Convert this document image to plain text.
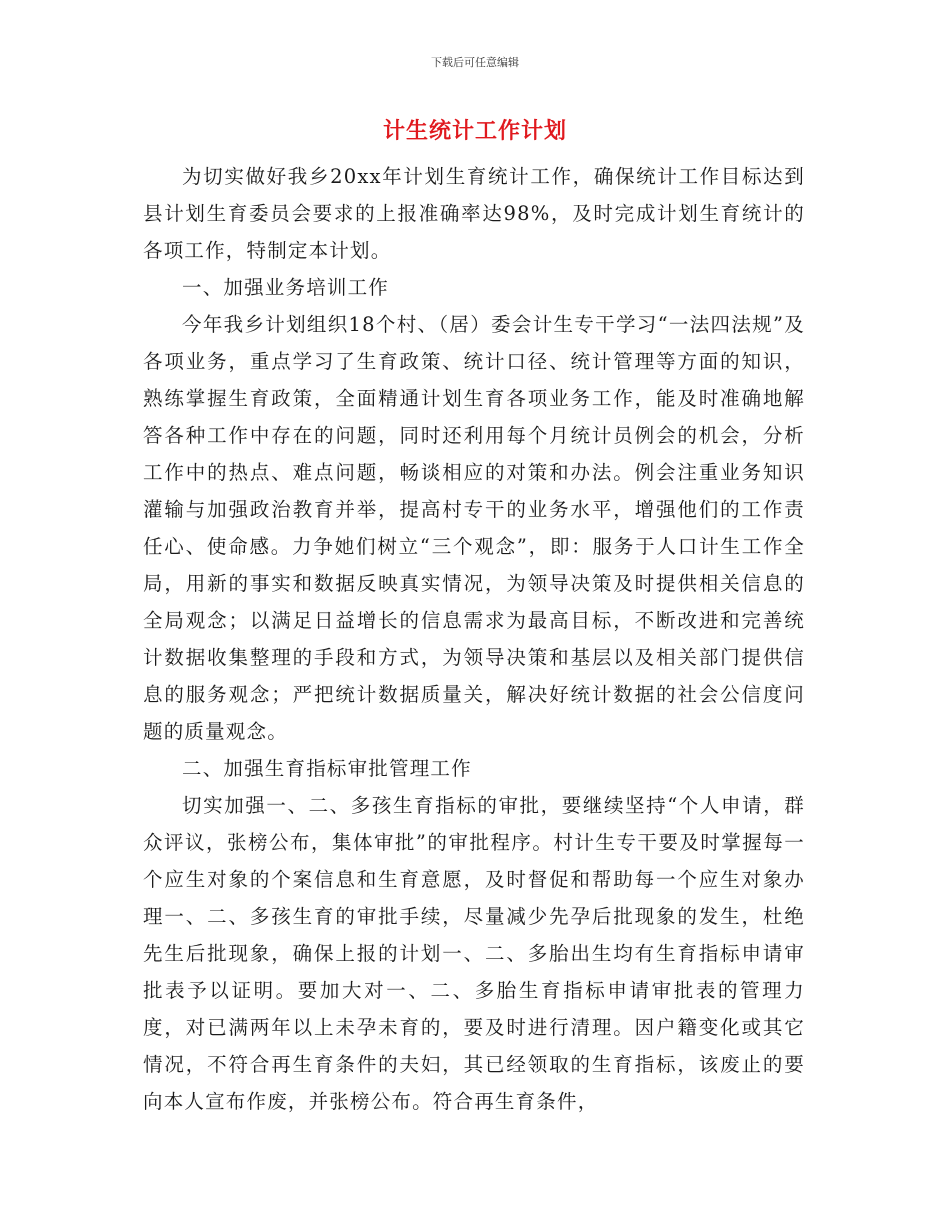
下载后可任意编辑
计生统计工作计划

为切实做好我乡20xx年计划生育统计工作，确保统计工作目标达到县计划生育委员会要求的上报准确率达98%，及时完成计划生育统计的各项工作，特制定本计划。

一、加强业务培训工作

今年我乡计划组织18个村、（居）委会计生专干学习“一法四法规”及各项业务，重点学习了生育政策、统计口径、统计管理等方面的知识，熟练掌握生育政策，全面精通计划生育各项业务工作，能及时准确地解答各种工作中存在的问题，同时还利用每个月统计员例会的机会，分析工作中的热点、难点问题，畅谈相应的对策和办法。例会注重业务知识灌输与加强政治教育并举，提高村专干的业务水平，增强他们的工作责任心、使命感。力争她们树立“三个观念”，即：服务于人口计生工作全局，用新的事实和数据反映真实情况，为领导决策及时提供相关信息的全局观念；以满足日益增长的信息需求为最高目标，不断改进和完善统计数据收集整理的手段和方式，为领导决策和基层以及相关部门提供信息的服务观念；严把统计数据质量关，解决好统计数据的社会公信度问题的质量观念。

二、加强生育指标审批管理工作

切实加强一、二、多孩生育指标的审批，要继续坚持“个人申请，群众评议，张榜公布，集体审批”的审批程序。村计生专干要及时掌握每一个应生对象的个案信息和生育意愿，及时督促和帮助每一个应生对象办理一、二、多孩生育的审批手续，尽量减少先孕后批现象的发生，杜绝先生后批现象，确保上报的计划一、二、多胎出生均有生育指标申请审批表予以证明。要加大对一、二、多胎生育指标申请审批表的管理力度，对已满两年以上未孕未育的，要及时进行清理。因户籍变化或其它情况，不符合再生育条件的夫妇，其已经领取的生育指标，该废止的要向本人宣布作废，并张榜公布。符合再生育条件，
